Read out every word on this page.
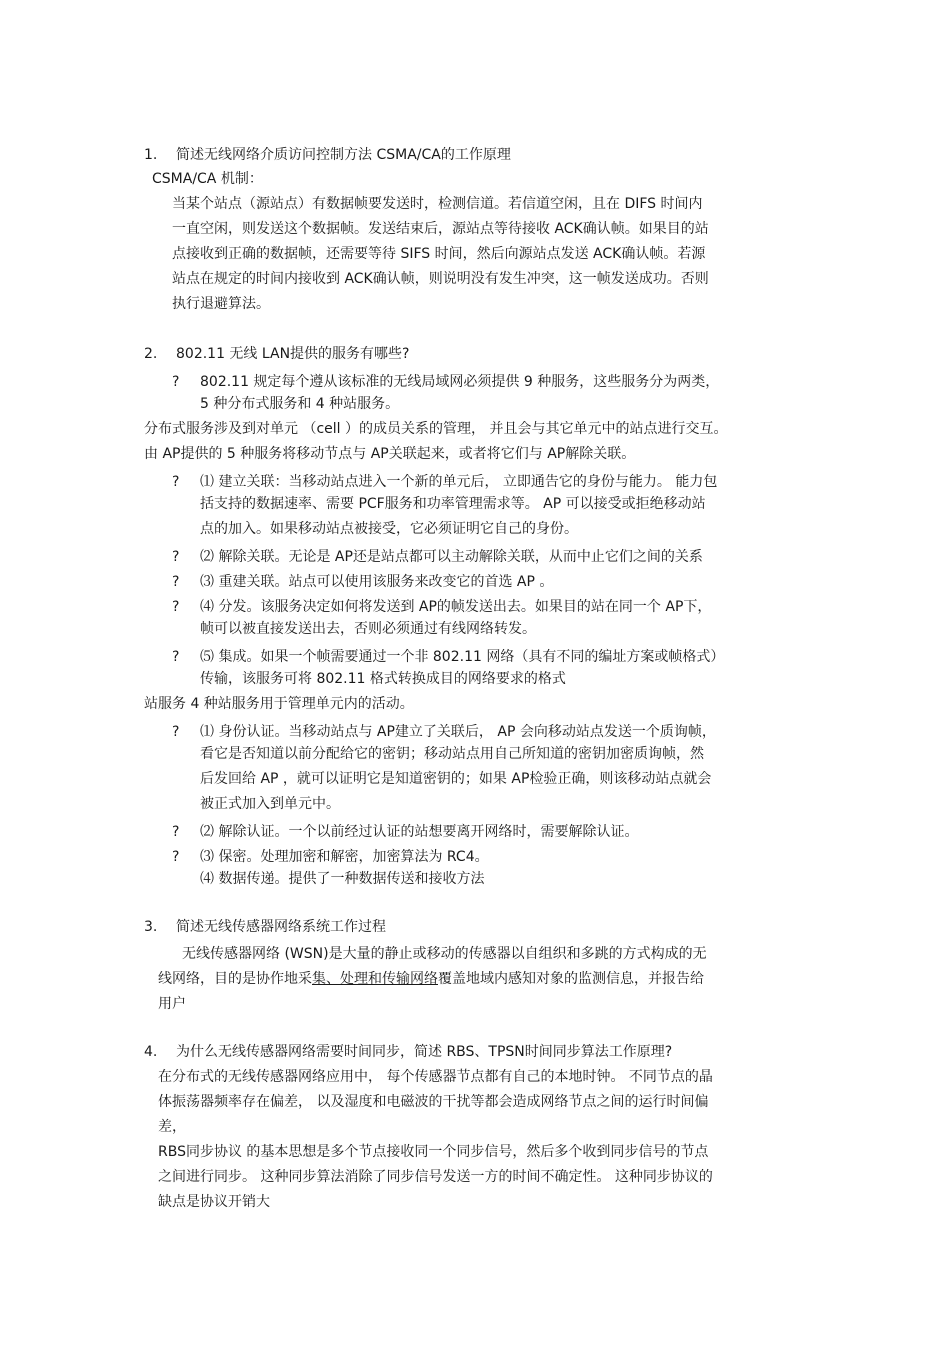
1. 简述无线网络介质访问控制方法 CSMA/CA的工作原理
CSMA/CA 机制：
当某个站点（源站点）有数据帧要发送时，检测信道。若信道空闲，且在 DIFS 时间内
一直空闲，则发送这个数据帧。发送结束后，源站点等待接收 ACK确认帧。如果目的站
点接收到正确的数据帧，还需要等待 SIFS 时间，然后向源站点发送 ACK确认帧。若源
站点在规定的时间内接收到 ACK确认帧，则说明没有发生冲突，这一帧发送成功。否则
执行退避算法。
2. 802.11 无线 LAN提供的服务有哪些?
? 802.11 规定每个遵从该标准的无线局域网必须提供 9 种服务，这些服务分为两类，
5 种分布式服务和 4 种站服务。
分布式服务涉及到对单元 （cell ）的成员关系的管理， 并且会与其它单元中的站点进行交互。
由 AP提供的 5 种服务将移动节点与 AP关联起来，或者将它们与 AP解除关联。
? ⑴ 建立关联：当移动站点进入一个新的单元后， 立即通告它的身份与能力。 能力包
括支持的数据速率、需要 PCF服务和功率管理需求等。 AP 可以接受或拒绝移动站
点的加入。如果移动站点被接受，它必须证明它自己的身份。
? ⑵ 解除关联。无论是 AP还是站点都可以主动解除关联，从而中止它们之间的关系
? ⑶ 重建关联。站点可以使用该服务来改变它的首选 AP 。
? ⑷ 分发。该服务决定如何将发送到 AP的帧发送出去。如果目的站在同一个 AP下，
帧可以被直接发送出去，否则必须通过有线网络转发。
? ⑸ 集成。如果一个帧需要通过一个非 802.11 网络（具有不同的编址方案或帧格式）
传输，该服务可将 802.11 格式转换成目的网络要求的格式
站服务 4 种站服务用于管理单元内的活动。
? ⑴ 身份认证。当移动站点与 AP建立了关联后， AP 会向移动站点发送一个质询帧，
看它是否知道以前分配给它的密钥；移动站点用自己所知道的密钥加密质询帧，然
后发回给 AP ，就可以证明它是知道密钥的；如果 AP检验正确，则该移动站点就会
被正式加入到单元中。
? ⑵ 解除认证。一个以前经过认证的站想要离开网络时，需要解除认证。
? ⑶ 保密。处理加密和解密，加密算法为 RC4。
⑷ 数据传递。提供了一种数据传送和接收方法
3. 简述无线传感器网络系统工作过程
无线传感器网络 (WSN)是大量的静止或移动的传感器以自组织和多跳的方式构成的无
线网络，目的是协作地采集、处理和传输网络覆盖地域内感知对象的监测信息，并报告给
用户
4. 为什么无线传感器网络需要时间同步，简述 RBS、TPSN时间同步算法工作原理?
在分布式的无线传感器网络应用中， 每个传感器节点都有自己的本地时钟。 不同节点的晶
体振荡器频率存在偏差， 以及湿度和电磁波的干扰等都会造成网络节点之间的运行时间偏
差，
RBS同步协议 的基本思想是多个节点接收同一个同步信号，然后多个收到同步信号的节点
之间进行同步。 这种同步算法消除了同步信号发送一方的时间不确定性。 这种同步协议的
缺点是协议开销大
